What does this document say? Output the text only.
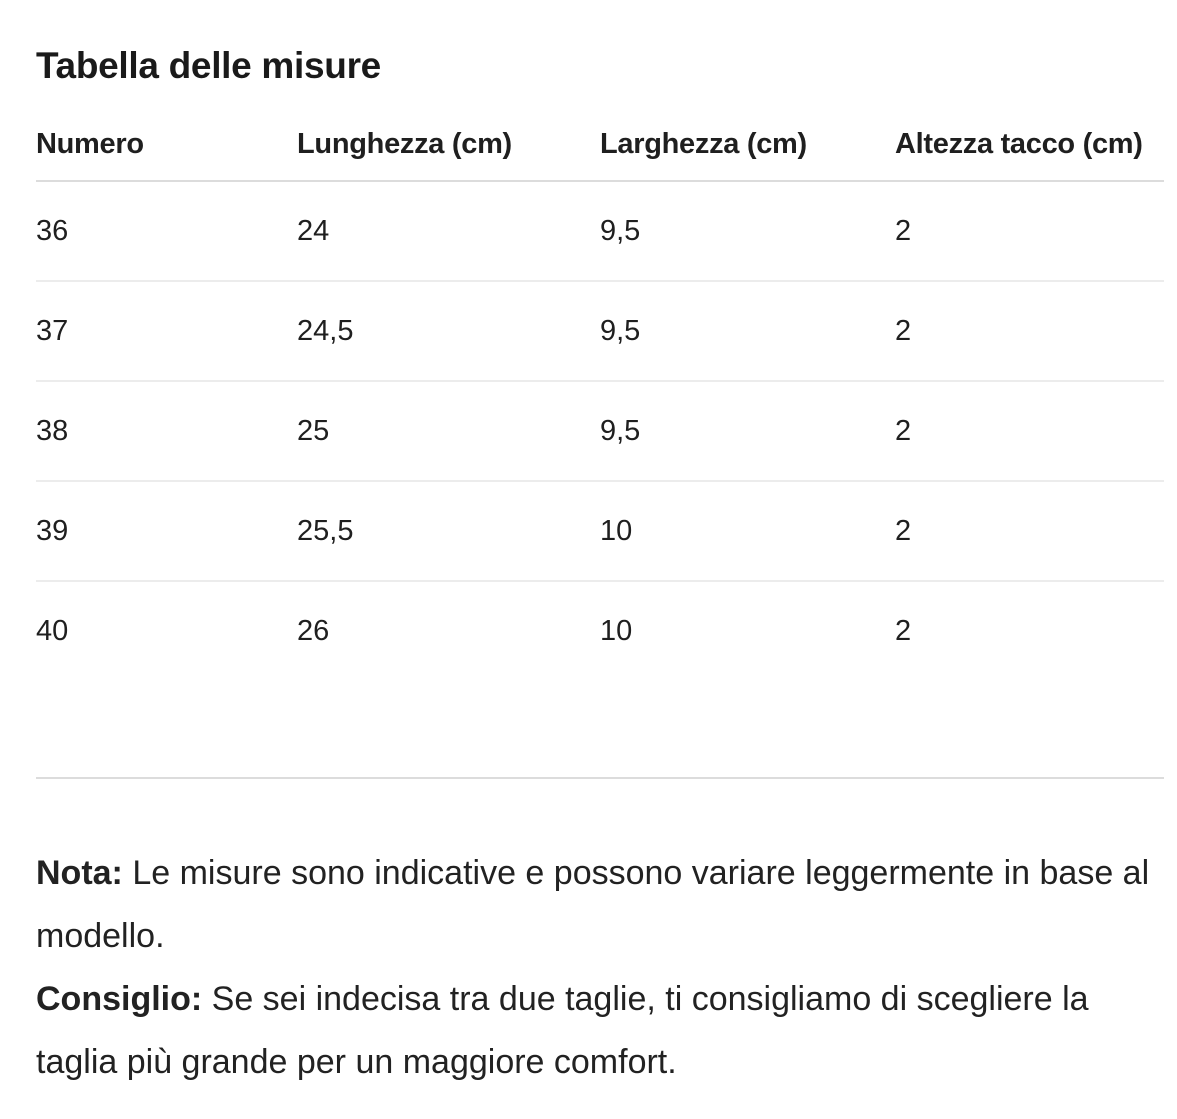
Tabella delle misure
Numero	Lunghezza (cm)	Larghezza (cm)	Altezza tacco (cm)
36	24	9,5	2
37	24,5	9,5	2
38	25	9,5	2
39	25,5	10	2
40	26	10	2

Nota: Le misure sono indicative e possono variare leggermente in base al modello.

Consiglio: Se sei indecisa tra due taglie, ti consigliamo di scegliere la taglia più grande per un maggiore comfort.
